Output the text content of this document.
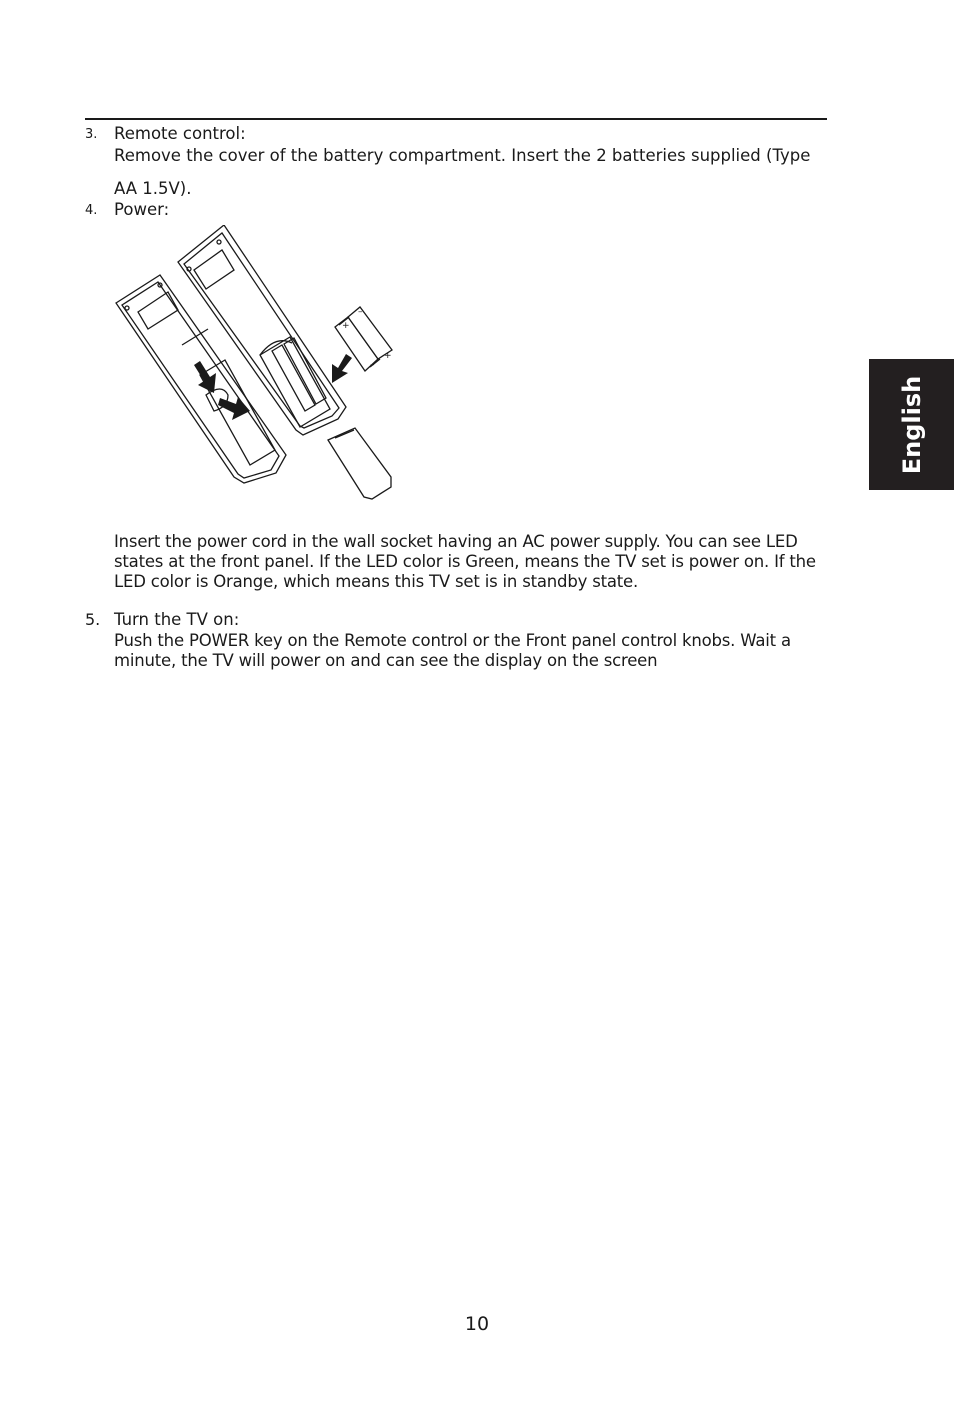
3. Remote control:
Remove the cover of the battery compartment. Insert the 2 batteries supplied (Type
AA 1.5V).
4. Power:
+
+
–
–
Insert the power cord in the wall socket having an AC power supply. You can see LED
states at the front panel. If the LED color is Green, means the TV set is power on. If the
LED color is Orange, which means this TV set is in standby state.
5. Turn the TV on:
Push the POWER key on the Remote control or the Front panel control knobs. Wait a
minute, the TV will power on and can see the display on the screen
English
10
